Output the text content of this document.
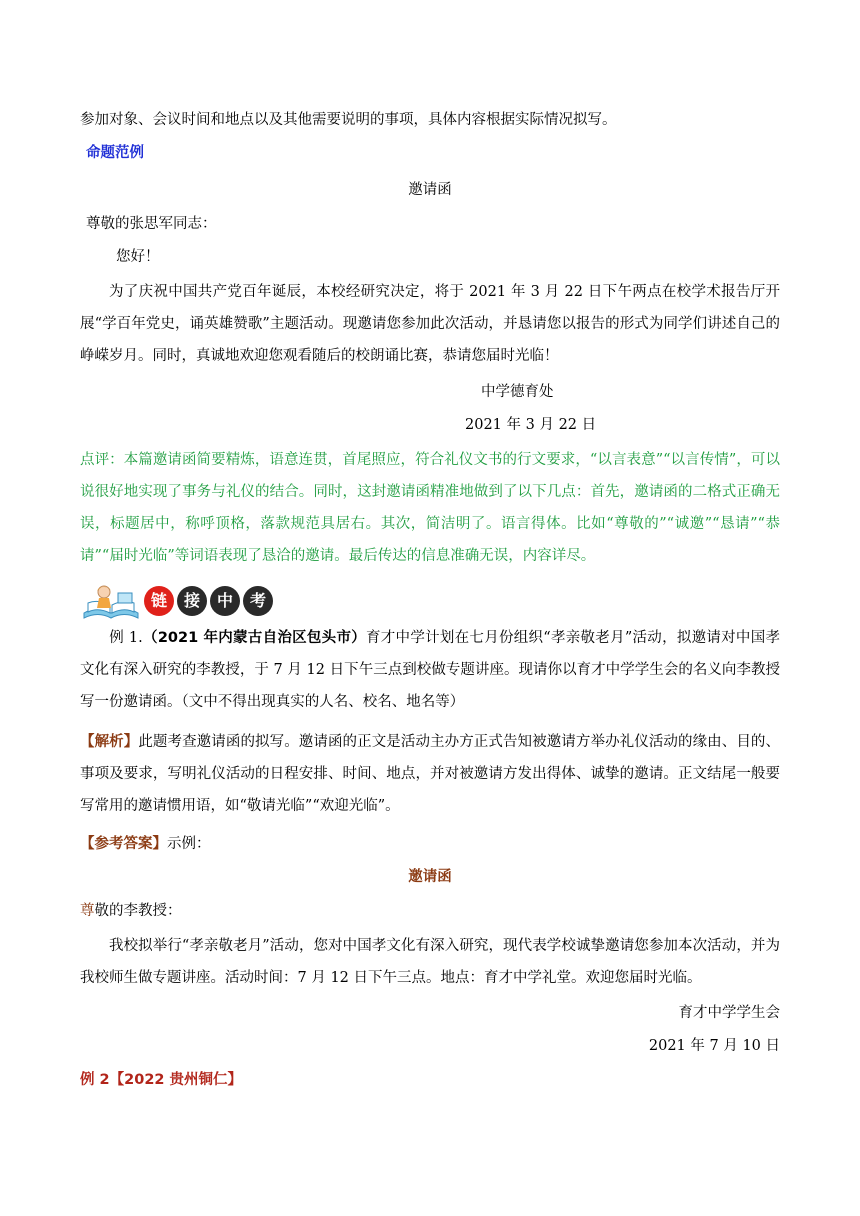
参加对象、会议时间和地点以及其他需要说明的事项，具体内容根据实际情况拟写。
命题范例
邀请函
尊敬的张思军同志：
您好！
为了庆祝中国共产党百年诞辰，本校经研究决定，将于 2021 年 3 月 22 日下午两点在校学术报告厅开展“学百年党史，诵英雄赞歌”主题活动。现邀请您参加此次活动，并恳请您以报告的形式为同学们讲述自己的峥嵘岁月。同时，真诚地欢迎您观看随后的校朗诵比赛，恭请您届时光临！
中学德育处
2021 年 3 月 22 日
点评：本篇邀请函简要精炼，语意连贯，首尾照应，符合礼仪文书的行文要求，“以言表意”“以言传情”，可以说很好地实现了事务与礼仪的结合。同时，这封邀请函精准地做到了以下几点：首先，邀请函的二格式正确无误，标题居中，称呼顶格，落款规范具居右。其次，简洁明了。语言得体。比如“尊敬的”“诚邀”“恳请”“恭请”“届时光临”等词语表现了恳洽的邀请。最后传达的信息准确无误，内容详尽。
链	接	中	考
例 1.（2021 年内蒙古自治区包头市）育才中学计划在七月份组织“孝亲敬老月”活动，拟邀请对中国孝文化有深入研究的李教授，于 7 月 12 日下午三点到校做专题讲座。现请你以育才中学学生会的名义向李教授写一份邀请函。（文中不得出现真实的人名、校名、地名等）
【解析】此题考查邀请函的拟写。邀请函的正文是活动主办方正式告知被邀请方举办礼仪活动的缘由、目的、事项及要求，写明礼仪活动的日程安排、时间、地点，并对被邀请方发出得体、诚挚的邀请。正文结尾一般要写常用的邀请惯用语，如“敬请光临”“欢迎光临”。
【参考答案】示例：
邀请函
尊敬的李教授：
我校拟举行“孝亲敬老月”活动，您对中国孝文化有深入研究，现代表学校诚挚邀请您参加本次活动，并为我校师生做专题讲座。活动时间：7 月 12 日下午三点。地点：育才中学礼堂。欢迎您届时光临。
育才中学学生会
2021 年 7 月 10 日
例 2【2022 贵州铜仁】
